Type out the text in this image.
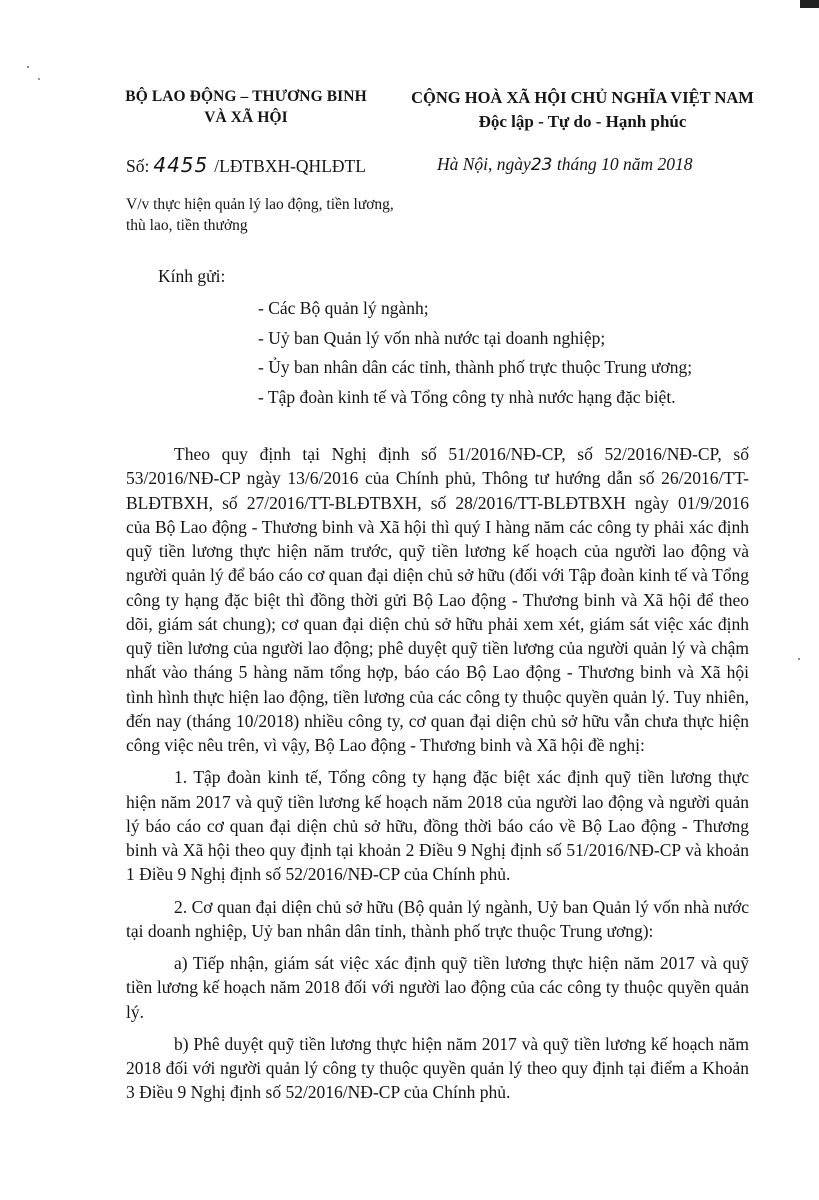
BỘ LAO ĐỘNG – THƯƠNG BINH
VÀ XÃ HỘI
CỘNG HOÀ XÃ HỘI CHỦ NGHĨA VIỆT NAM
Độc lập - Tự do - Hạnh phúc
Số: 4455 /LĐTBXH-QHLĐTL	Hà Nội, ngày23 tháng 10 năm 2018
V/v thực hiện quản lý lao động, tiền lương, thù lao, tiền thưởng
Kính gửi:
- Các Bộ quản lý ngành;
- Uỷ ban Quản lý vốn nhà nước tại doanh nghiệp;
- Ủy ban nhân dân các tỉnh, thành phố trực thuộc Trung ương;
- Tập đoàn kinh tế và Tổng công ty nhà nước hạng đặc biệt.

Theo quy định tại Nghị định số 51/2016/NĐ-CP, số 52/2016/NĐ-CP, số 53/2016/NĐ-CP ngày 13/6/2016 của Chính phủ, Thông tư hướng dẫn số 26/2016/TT-BLĐTBXH, số 27/2016/TT-BLĐTBXH, số 28/2016/TT-BLĐTBXH ngày 01/9/2016 của Bộ Lao động - Thương binh và Xã hội thì quý I hàng năm các công ty phải xác định quỹ tiền lương thực hiện năm trước, quỹ tiền lương kế hoạch của người lao động và người quản lý để báo cáo cơ quan đại diện chủ sở hữu (đối với Tập đoàn kinh tế và Tổng công ty hạng đặc biệt thì đồng thời gửi Bộ Lao động - Thương binh và Xã hội để theo dõi, giám sát chung); cơ quan đại diện chủ sở hữu phải xem xét, giám sát việc xác định quỹ tiền lương của người lao động; phê duyệt quỹ tiền lương của người quản lý và chậm nhất vào tháng 5 hàng năm tổng hợp, báo cáo Bộ Lao động - Thương binh và Xã hội tình hình thực hiện lao động, tiền lương của các công ty thuộc quyền quản lý. Tuy nhiên, đến nay (tháng 10/2018) nhiều công ty, cơ quan đại diện chủ sở hữu vẫn chưa thực hiện công việc nêu trên, vì vậy, Bộ Lao động - Thương binh và Xã hội đề nghị:

1. Tập đoàn kinh tế, Tổng công ty hạng đặc biệt xác định quỹ tiền lương thực hiện năm 2017 và quỹ tiền lương kế hoạch năm 2018 của người lao động và người quản lý báo cáo cơ quan đại diện chủ sở hữu, đồng thời báo cáo về Bộ Lao động - Thương binh và Xã hội theo quy định tại khoản 2 Điều 9 Nghị định số 51/2016/NĐ-CP và khoản 1 Điều 9 Nghị định số 52/2016/NĐ-CP của Chính phủ.

2. Cơ quan đại diện chủ sở hữu (Bộ quản lý ngành, Uỷ ban Quản lý vốn nhà nước tại doanh nghiệp, Uỷ ban nhân dân tỉnh, thành phố trực thuộc Trung ương):

a) Tiếp nhận, giám sát việc xác định quỹ tiền lương thực hiện năm 2017 và quỹ tiền lương kế hoạch năm 2018 đối với người lao động của các công ty thuộc quyền quản lý.

b) Phê duyệt quỹ tiền lương thực hiện năm 2017 và quỹ tiền lương kế hoạch năm 2018 đối với người quản lý công ty thuộc quyền quản lý theo quy định tại điểm a Khoản 3 Điều 9 Nghị định số 52/2016/NĐ-CP của Chính phủ.
